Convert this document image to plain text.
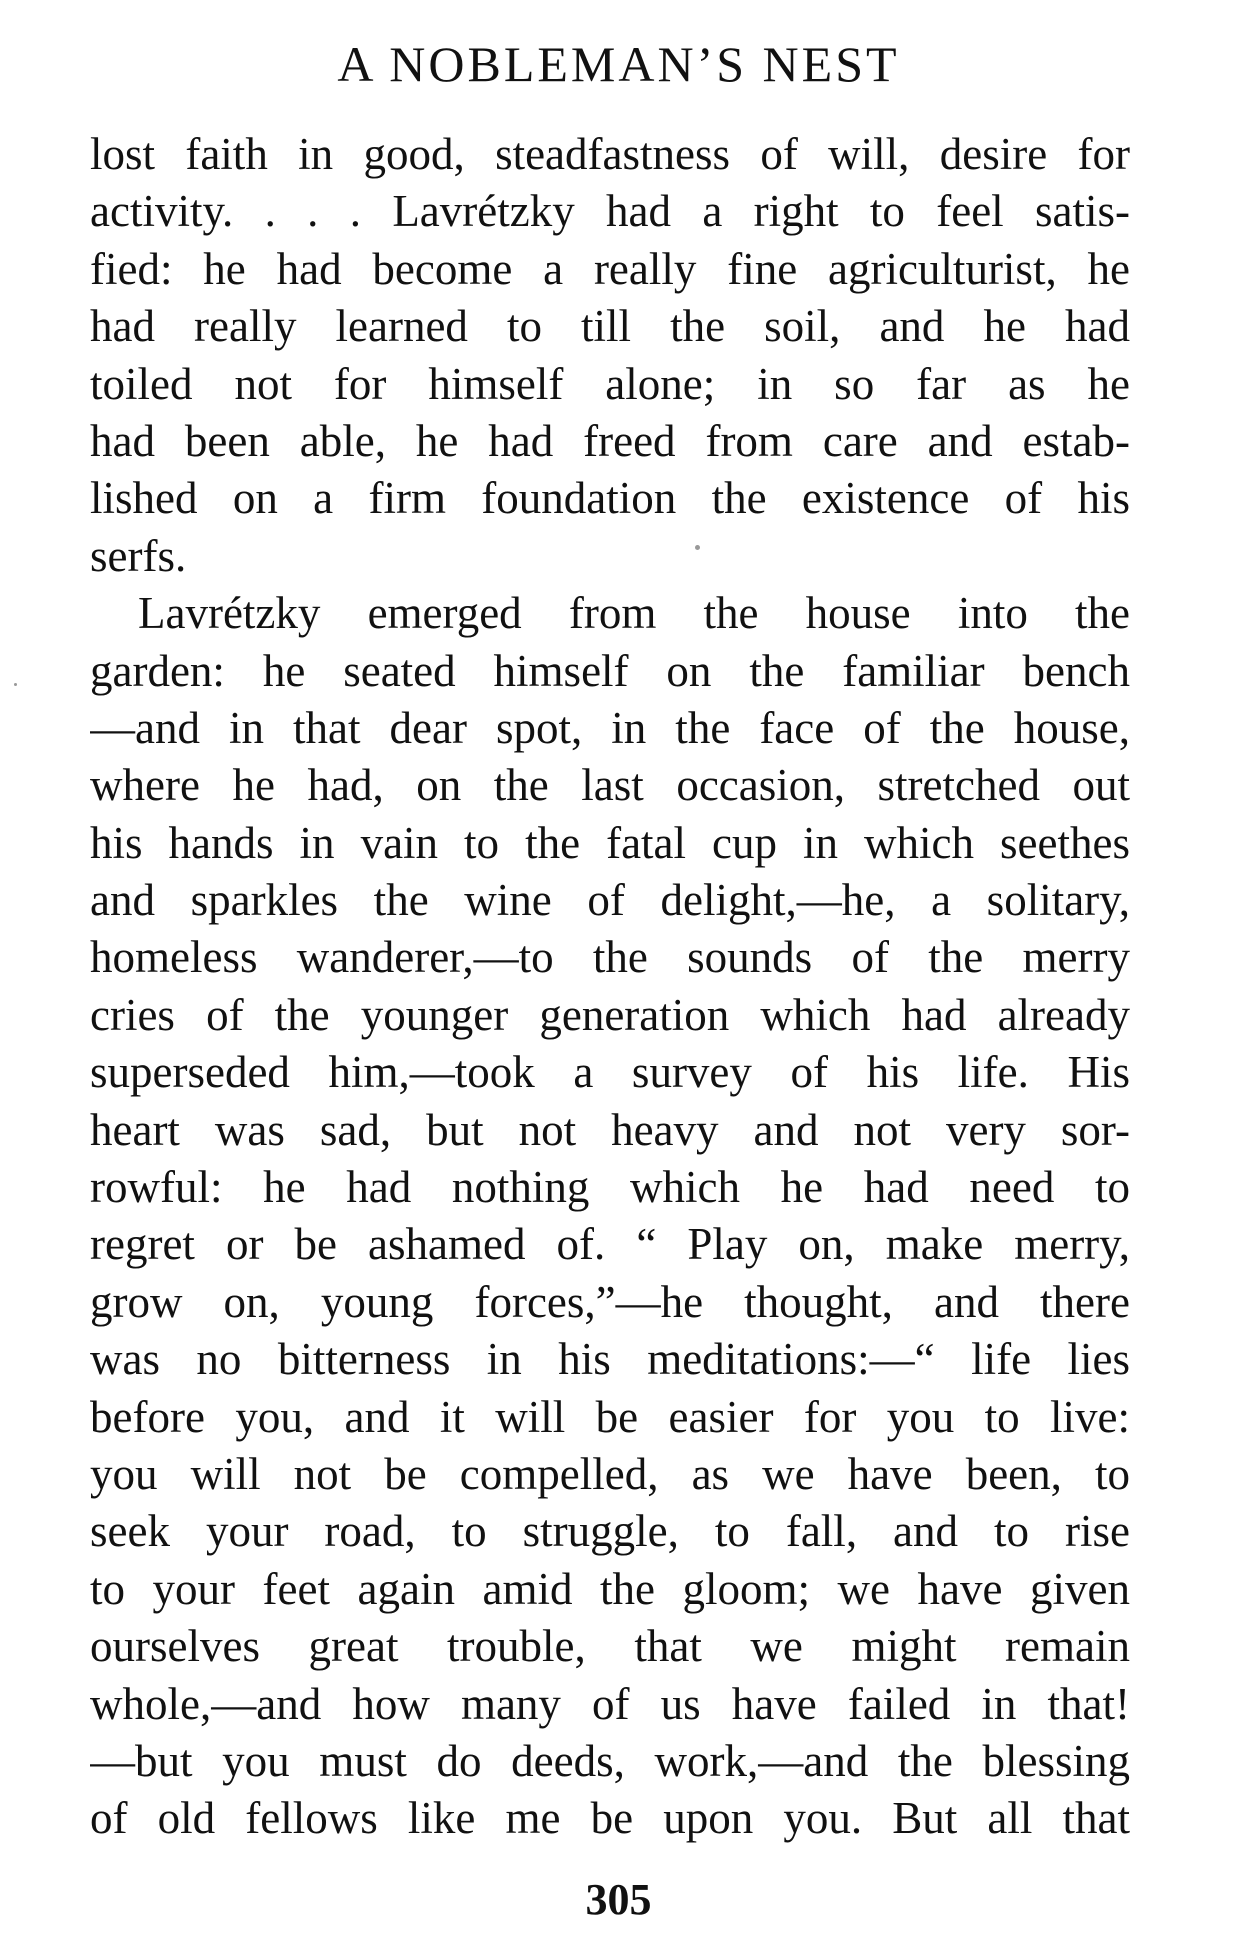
A NOBLEMAN’S NEST
lost faith in good, steadfastness of will, desire for
activity. . . . Lavrétzky had a right to feel satis-
fied: he had become a really fine agriculturist, he
had really learned to till the soil, and he had
toiled not for himself alone; in so far as he
had been able, he had freed from care and estab-
lished on a firm foundation the existence of his
serfs.
Lavrétzky emerged from the house into the
garden: he seated himself on the familiar bench
—and in that dear spot, in the face of the house,
where he had, on the last occasion, stretched out
his hands in vain to the fatal cup in which seethes
and sparkles the wine of delight,—he, a solitary,
homeless wanderer,—to the sounds of the merry
cries of the younger generation which had already
superseded him,—took a survey of his life. His
heart was sad, but not heavy and not very sor-
rowful: he had nothing which he had need to
regret or be ashamed of. “ Play on, make merry,
grow on, young forces,”—he thought, and there
was no bitterness in his meditations:—“ life lies
before you, and it will be easier for you to live:
you will not be compelled, as we have been, to
seek your road, to struggle, to fall, and to rise
to your feet again amid the gloom; we have given
ourselves great trouble, that we might remain
whole,—and how many of us have failed in that!
—but you must do deeds, work,—and the blessing
of old fellows like me be upon you. But all that
305
